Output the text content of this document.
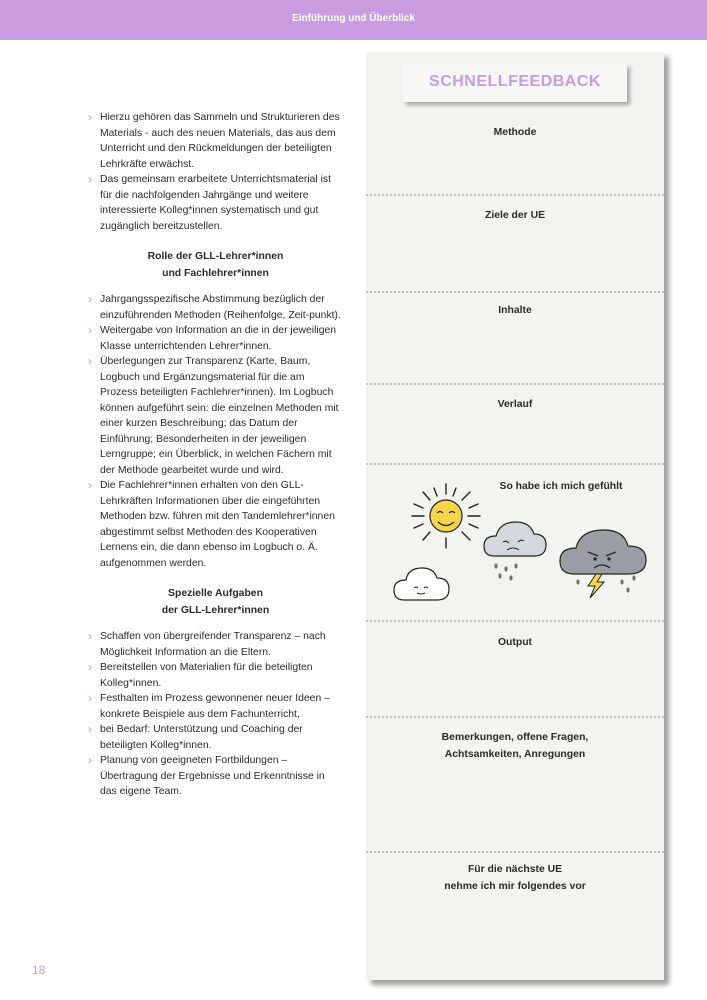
Einführung und Überblick
› Hierzu gehören das Sammeln und Strukturieren des Materials - auch des neuen Materials, das aus dem Unterricht und den Rückmeldungen der beteiligten Lehrkräfte erwächst.
› Das gemeinsam erarbeitete Unterrichtsmaterial ist für die nachfolgenden Jahrgänge und weitere interessierte Kolleg*innen systematisch und gut zugänglich bereitzustellen.
Rolle der GLL-Lehrer*innen
und Fachlehrer*innen
› Jahrgangsspezifische Abstimmung bezüglich der einzuführenden Methoden (Reihenfolge, Zeit-punkt).
› Weitergabe von Information an die in der jeweiligen Klasse unterrichtenden Lehrer*innen.
› Überlegungen zur Transparenz (Karte, Baum, Logbuch und Ergänzungsmaterial für die am Prozess beteiligten Fachlehrer*innen). Im Logbuch können aufgeführt sein: die einzelnen Methoden mit einer kurzen Beschreibung; das Datum der Einführung; Besonderheiten in der jeweiligen Lerngruppe; ein Überblick, in welchen Fächern mit der Methode gearbeitet wurde und wird.
› Die Fachlehrer*innen erhalten von den GLL-Lehrkräften Informationen über die eingeführten Methoden bzw. führen mit den Tandemlehrer*innen abgestimmt selbst Methoden des Kooperativen Lernens ein, die dann ebenso im Logbuch o. Ä. aufgenommen werden.
Spezielle Aufgaben
der GLL-Lehrer*innen
› Schaffen von übergreifender Transparenz – nach Möglichkeit Information an die Eltern.
› Bereitstellen von Materialien für die beteiligten Kolleg*innen.
› Festhalten im Prozess gewonnener neuer Ideen – konkrete Beispiele aus dem Fachunterricht,
› bei Bedarf: Unterstützung und Coaching der beteiligten Kolleg*innen.
› Planung von geeigneten Fortbildungen – Übertragung der Ergebnisse und Erkenntnisse in das eigene Team.
18
SCHNELLFEEDBACK
Methode
Ziele der UE
Inhalte
Verlauf
So habe ich mich gefühlt
Output
Bemerkungen, offene Fragen,
Achtsamkeiten, Anregungen
Für die nächste UE
nehme ich mir folgendes vor
